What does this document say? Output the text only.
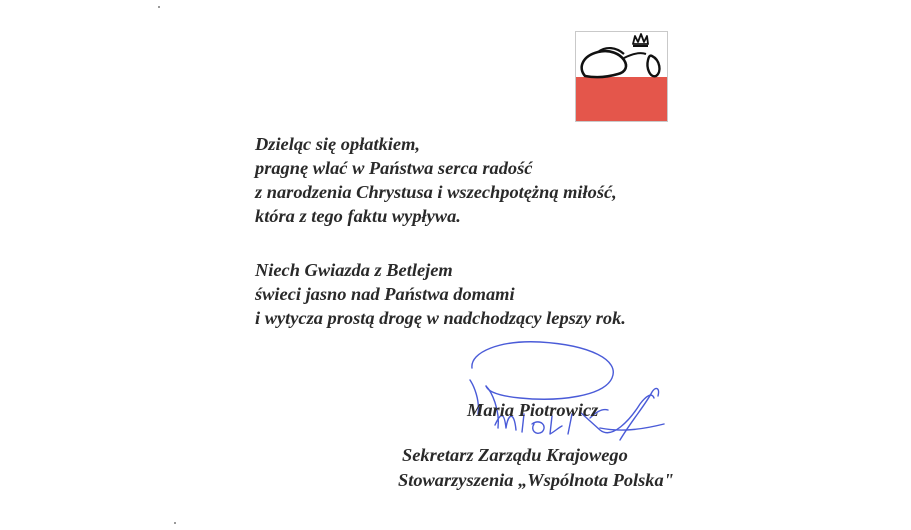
Dzieląc się opłatkiem,
pragnę wlać w Państwa serca radość
z narodzenia Chrystusa i wszechpotężną miłość,
która z tego faktu wypływa.
Niech Gwiazda z Betlejem
świeci jasno nad Państwa domami
i wytycza prostą drogę w nadchodzący lepszy rok.
Maria Piotrowicz
Sekretarz Zarządu Krajowego
Stowarzyszenia „Wspólnota Polska"
